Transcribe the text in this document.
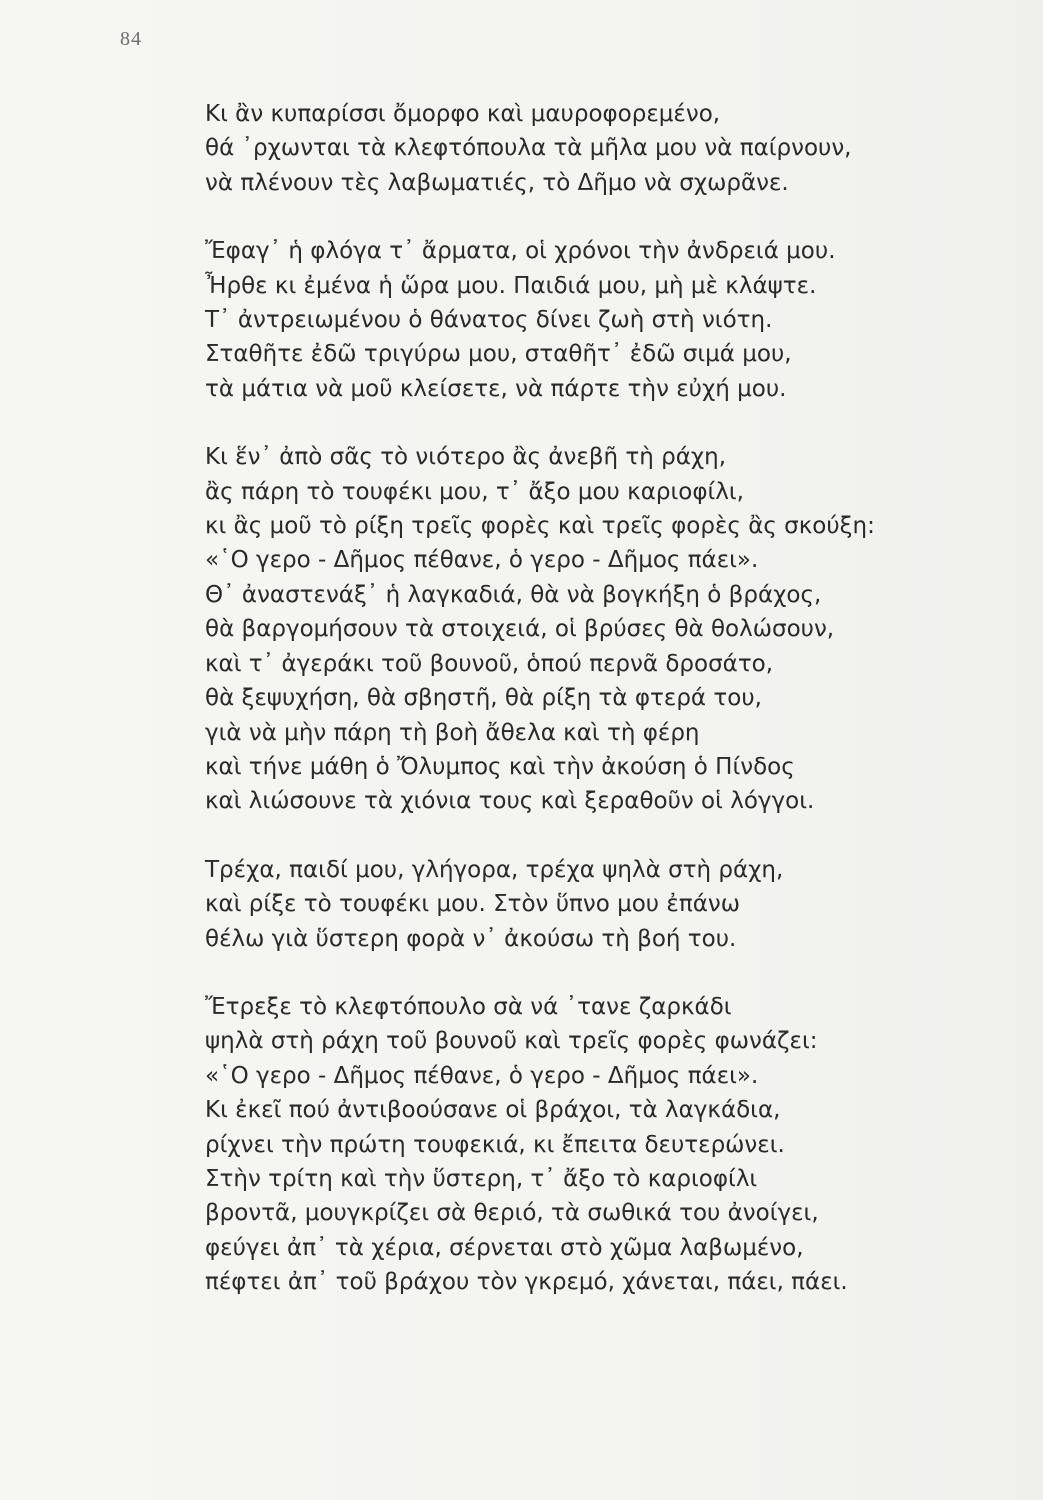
84
Κι ἂν κυπαρίσσι ὄμορφο καὶ μαυροφορεμένο,
θά ᾽ρχωνται τὰ κλεφτόπουλα τὰ μῆλα μου νὰ παίρνουν,
νὰ πλένουν τὲς λαβωματιές, τὸ Δῆμο νὰ σχωρᾶνε.
Ἔφαγ᾽ ἡ φλόγα τ᾽ ἄρματα, οἱ χρόνοι τὴν ἀνδρειά μου.
Ἦρθε κι ἐμένα ἡ ὥρα μου. Παιδιά μου, μὴ μὲ κλάψτε.
Τ᾽ ἀντρειωμένου ὁ θάνατος δίνει ζωὴ στὴ νιότη.
Σταθῆτε ἐδῶ τριγύρω μου, σταθῆτ᾽ ἐδῶ σιμά μου,
τὰ μάτια νὰ μοῦ κλείσετε, νὰ πάρτε τὴν εὐχή μου.
Κι ἕν᾽ ἀπὸ σᾶς τὸ νιότερο ἂς ἀνεβῆ τὴ ράχη,
ἂς πάρη τὸ τουφέκι μου, τ᾽ ἄξο μου καριοφίλι,
κι ἂς μοῦ τὸ ρίξη τρεῖς φορὲς καὶ τρεῖς φορὲς ἂς σκούξη:
«῾Ο γερο - Δῆμος πέθανε, ὁ γερο - Δῆμος πάει».
Θ᾽ ἀναστενάξ᾽ ἡ λαγκαδιά, θὰ νὰ βογκήξη ὁ βράχος,
θὰ βαργομήσουν τὰ στοιχειά, οἱ βρύσες θὰ θολώσουν,
καὶ τ᾽ ἀγεράκι τοῦ βουνοῦ, ὁπού περνᾶ δροσάτο,
θὰ ξεψυχήση, θὰ σβηστῆ, θὰ ρίξη τὰ φτερά του,
γιὰ νὰ μὴν πάρη τὴ βοὴ ἄθελα καὶ τὴ φέρη
καὶ τήνε μάθη ὁ Ὄλυμπος καὶ τὴν ἀκούση ὁ Πίνδος
καὶ λιώσουνε τὰ χιόνια τους καὶ ξεραθοῦν οἱ λόγγοι.
Τρέχα, παιδί μου, γλήγορα, τρέχα ψηλὰ στὴ ράχη,
καὶ ρίξε τὸ τουφέκι μου. Στὸν ὕπνο μου ἐπάνω
θέλω γιὰ ὕστερη φορὰ ν᾽ ἀκούσω τὴ βοή του.
Ἔτρεξε τὸ κλεφτόπουλο σὰ νά ᾽τανε ζαρκάδι
ψηλὰ στὴ ράχη τοῦ βουνοῦ καὶ τρεῖς φορὲς φωνάζει:
«῾Ο γερο - Δῆμος πέθανε, ὁ γερο - Δῆμος πάει».
Κι ἐκεῖ πού ἀντιβοούσανε οἱ βράχοι, τὰ λαγκάδια,
ρίχνει τὴν πρώτη τουφεκιά, κι ἔπειτα δευτερώνει.
Στὴν τρίτη καὶ τὴν ὕστερη, τ᾽ ἄξο τὸ καριοφίλι
βροντᾶ, μουγκρίζει σὰ θεριό, τὰ σωθικά του ἀνοίγει,
φεύγει ἀπ᾽ τὰ χέρια, σέρνεται στὸ χῶμα λαβωμένο,
πέφτει ἀπ᾽ τοῦ βράχου τὸν γκρεμό, χάνεται, πάει, πάει.
